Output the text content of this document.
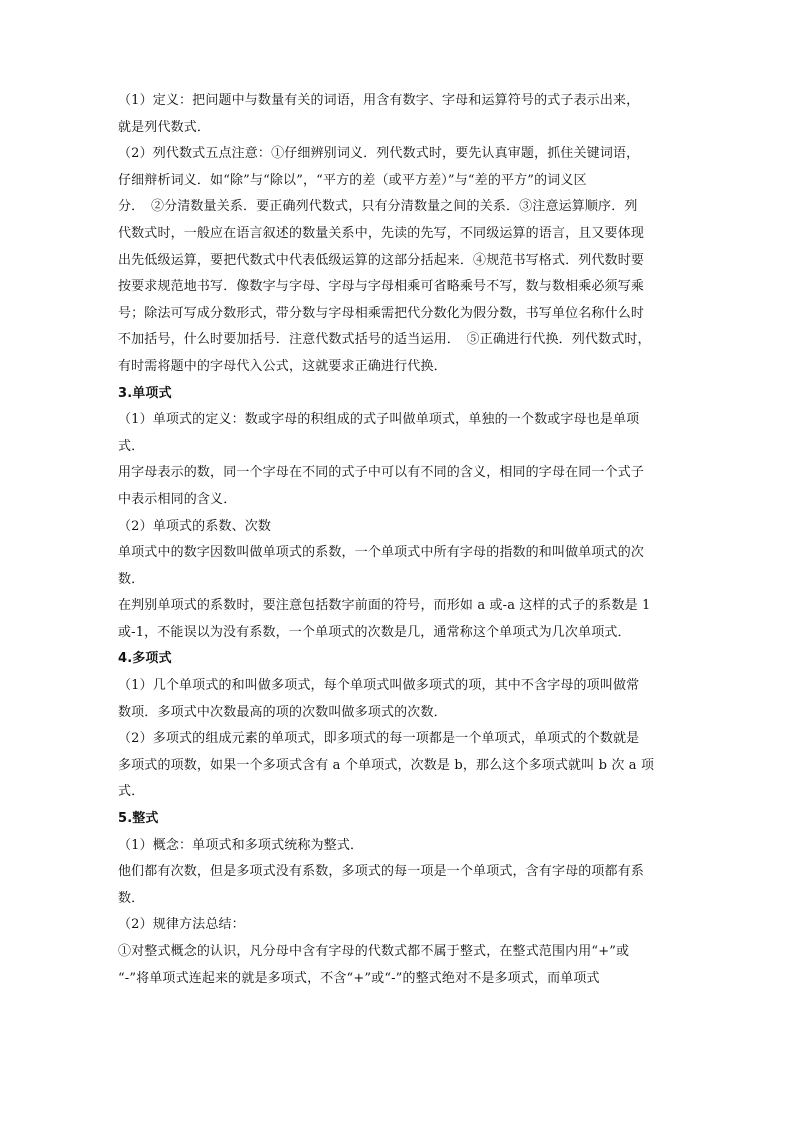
（1）定义：把问题中与数量有关的词语，用含有数字、字母和运算符号的式子表示出来，

就是列代数式．

（2）列代数式五点注意：①仔细辨别词义．列代数式时，要先认真审题，抓住关键词语，

仔细辩析词义．如“除”与“除以”，“平方的差（或平方差）”与“差的平方”的词义区

分．　②分清数量关系．要正确列代数式，只有分清数量之间的关系．③注意运算顺序．列

代数式时，一般应在语言叙述的数量关系中，先读的先写，不同级运算的语言，且又要体现

出先低级运算，要把代数式中代表低级运算的这部分括起来．④规范书写格式．列代数时要

按要求规范地书写．像数字与字母、字母与字母相乘可省略乘号不写，数与数相乘必须写乘

号；除法可写成分数形式，带分数与字母相乘需把代分数化为假分数，书写单位名称什么时

不加括号，什么时要加括号．注意代数式括号的适当运用．　⑤正确进行代换．列代数式时，

有时需将题中的字母代入公式，这就要求正确进行代换．

3.单项式

（1）单项式的定义：数或字母的积组成的式子叫做单项式，单独的一个数或字母也是单项

式．

用字母表示的数，同一个字母在不同的式子中可以有不同的含义，相同的字母在同一个式子

中表示相同的含义．

（2）单项式的系数、次数

单项式中的数字因数叫做单项式的系数，一个单项式中所有字母的指数的和叫做单项式的次

数．

在判别单项式的系数时，要注意包括数字前面的符号，而形如 a 或-a 这样的式子的系数是 1

或-1，不能误以为没有系数，一个单项式的次数是几，通常称这个单项式为几次单项式．

4.多项式

（1）几个单项式的和叫做多项式，每个单项式叫做多项式的项，其中不含字母的项叫做常

数项．多项式中次数最高的项的次数叫做多项式的次数．

（2）多项式的组成元素的单项式，即多项式的每一项都是一个单项式，单项式的个数就是

多项式的项数，如果一个多项式含有 a 个单项式，次数是 b，那么这个多项式就叫 b 次 a 项

式．

5.整式

（1）概念：单项式和多项式统称为整式．

他们都有次数，但是多项式没有系数，多项式的每一项是一个单项式，含有字母的项都有系

数．

（2）规律方法总结：

①对整式概念的认识，凡分母中含有字母的代数式都不属于整式，在整式范围内用“+”或

“-”将单项式连起来的就是多项式，不含“+”或“-”的整式绝对不是多项式，而单项式
